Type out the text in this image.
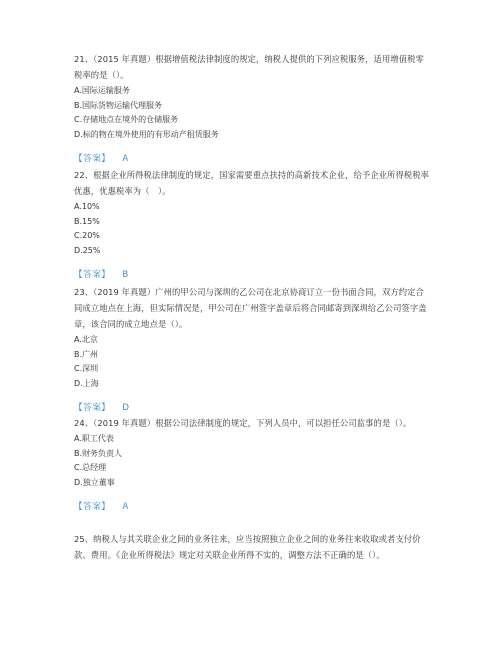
21、（2015 年真题）根据增值税法律制度的规定，纳税人提供的下列应税服务，适用增值税零税率的是（）。

A.国际运输服务

B.国际货物运输代理服务

C.存储地点在境外的仓储服务

D.标的物在境外使用的有形动产租赁服务

【答案】 A

22、根据企业所得税法律制度的规定，国家需要重点扶持的高新技术企业，给予企业所得税税率优惠，优惠税率为（　）。

A.10%

B.15%

C.20%

D.25%

【答案】 B

23、（2019 年真题）广州的甲公司与深圳的乙公司在北京协商订立一份书面合同，双方约定合同成立地点在上海，但实际情况是，甲公司在广州签字盖章后将合同邮寄到深圳给乙公司签字盖章，该合同的成立地点是（）。

A.北京

B.广州

C.深圳

D.上海

【答案】 D

24、（2019 年真题）根据公司法律制度的规定，下列人员中，可以担任公司监事的是（）。

A.职工代表

B.财务负责人

C.总经理

D.独立董事

【答案】 A

25、纳税人与其关联企业之间的业务往来，应当按照独立企业之间的业务往来收取或者支付价款、费用。《企业所得税法》规定对关联企业所得不实的，调整方法不正确的是（）。
